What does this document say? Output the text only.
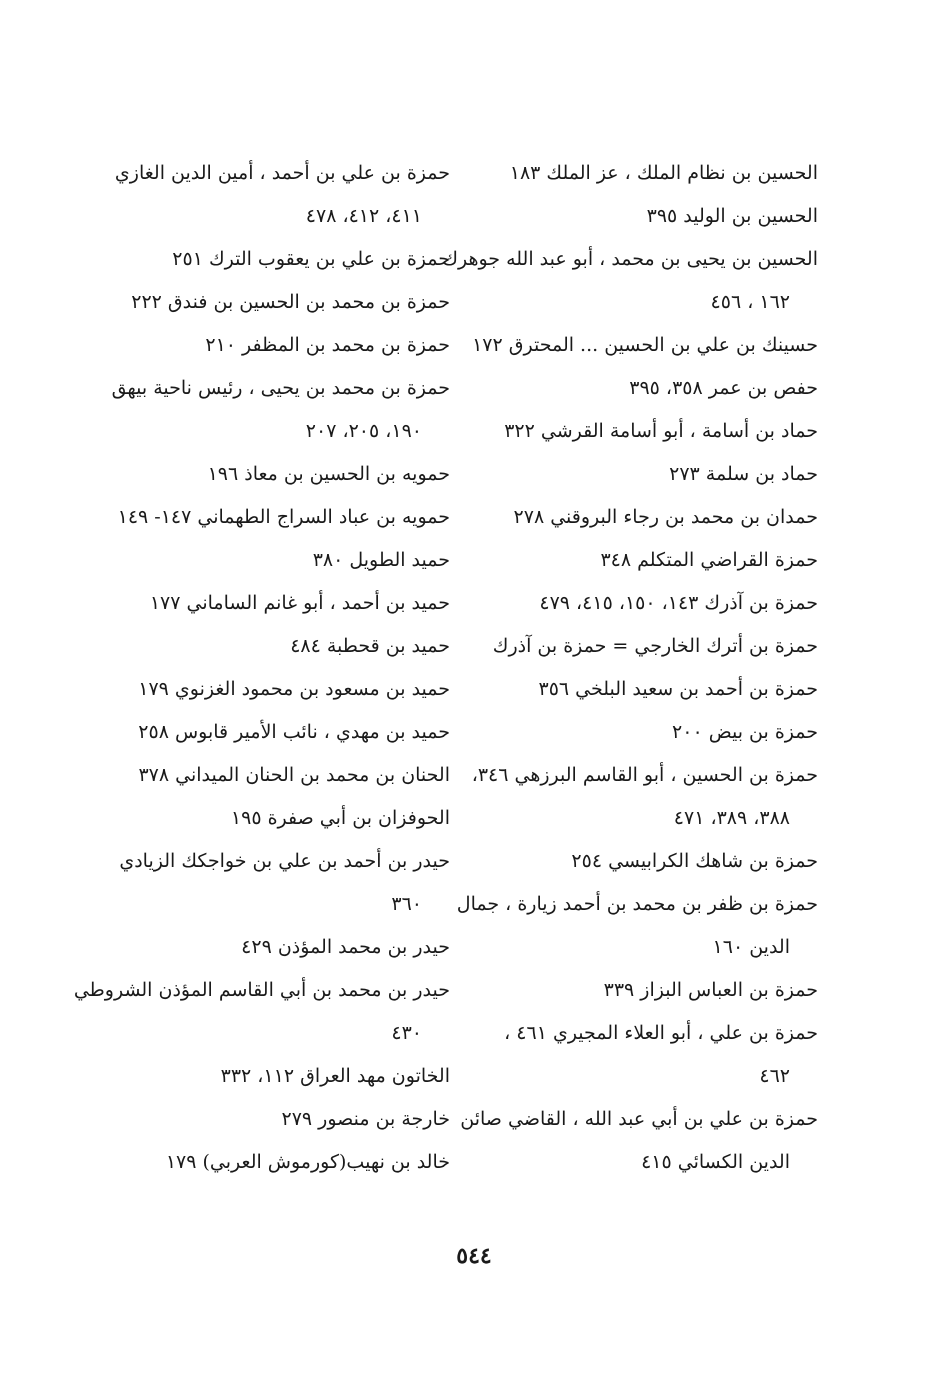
الحسين بن نظام الملك ، عز الملك ١٨٣
الحسين بن الوليد ٣٩٥
الحسين بن يحيى بن محمد ، أبو عبد الله جوهرك
١٦٢ ، ٤٥٦
حسينك بن علي بن الحسين ... المحترق ١٧٢
حفص بن عمر ٣٥٨، ٣٩٥
حماد بن أسامة ، أبو أسامة القرشي ٣٢٢
حماد بن سلمة ٢٧٣
حمدان بن محمد بن رجاء البروقني ٢٧٨
حمزة القراضي المتكلم ٣٤٨
حمزة بن آذرك ١٤٣، ١٥٠، ٤١٥، ٤٧٩
حمزة بن أترك الخارجي = حمزة بن آذرك
حمزة بن أحمد بن سعيد البلخي ٣٥٦
حمزة بن بيض ٢٠٠
حمزة بن الحسين ، أبو القاسم البرزهي ٣٤٦،
٣٨٨، ٣٨٩، ٤٧١
حمزة بن شاهك الكرابيسي ٢٥٤
حمزة بن ظفر بن محمد بن أحمد زيارة ، جمال
الدين ١٦٠
حمزة بن العباس البزاز ٣٣٩
حمزة بن علي ، أبو العلاء المجيري ٤٦١ ،
٤٦٢
حمزة بن علي بن أبي عبد الله ، القاضي صائن
الدين الكسائي ٤١٥
حمزة بن علي بن أحمد ، أمين الدين الغازي
٤١١، ٤١٢، ٤٧٨
حمزة بن علي بن يعقوب الترك ٢٥١
حمزة بن محمد بن الحسين بن فندق ٢٢٢
حمزة بن محمد بن المظفر ٢١٠
حمزة بن محمد بن يحيى ، رئيس ناحية بيهق
١٩٠، ٢٠٥، ٢٠٧
حمويه بن الحسين بن معاذ ١٩٦
حمويه بن عباد السراج الطهماني ١٤٧- ١٤٩
حميد الطويل ٣٨٠
حميد بن أحمد ، أبو غانم الساماني ١٧٧
حميد بن قحطبة ٤٨٤
حميد بن مسعود بن محمود الغزنوي ١٧٩
حميد بن مهدي ، نائب الأمير قابوس ٢٥٨
الحنان بن محمد بن الحنان الميداني ٣٧٨
الحوفزان بن أبي صفرة ١٩٥
حيدر بن أحمد بن علي بن خواجكك الزيادي
٣٦٠
حيدر بن محمد المؤذن ٤٢٩
حيدر بن محمد بن أبي القاسم المؤذن الشروطي
٤٣٠
الخاتون مهد العراق ١١٢، ٣٣٢
خارجة بن منصور ٢٧٩
خالد بن نهيب(كورموش العربي) ١٧٩
٥٤٤
